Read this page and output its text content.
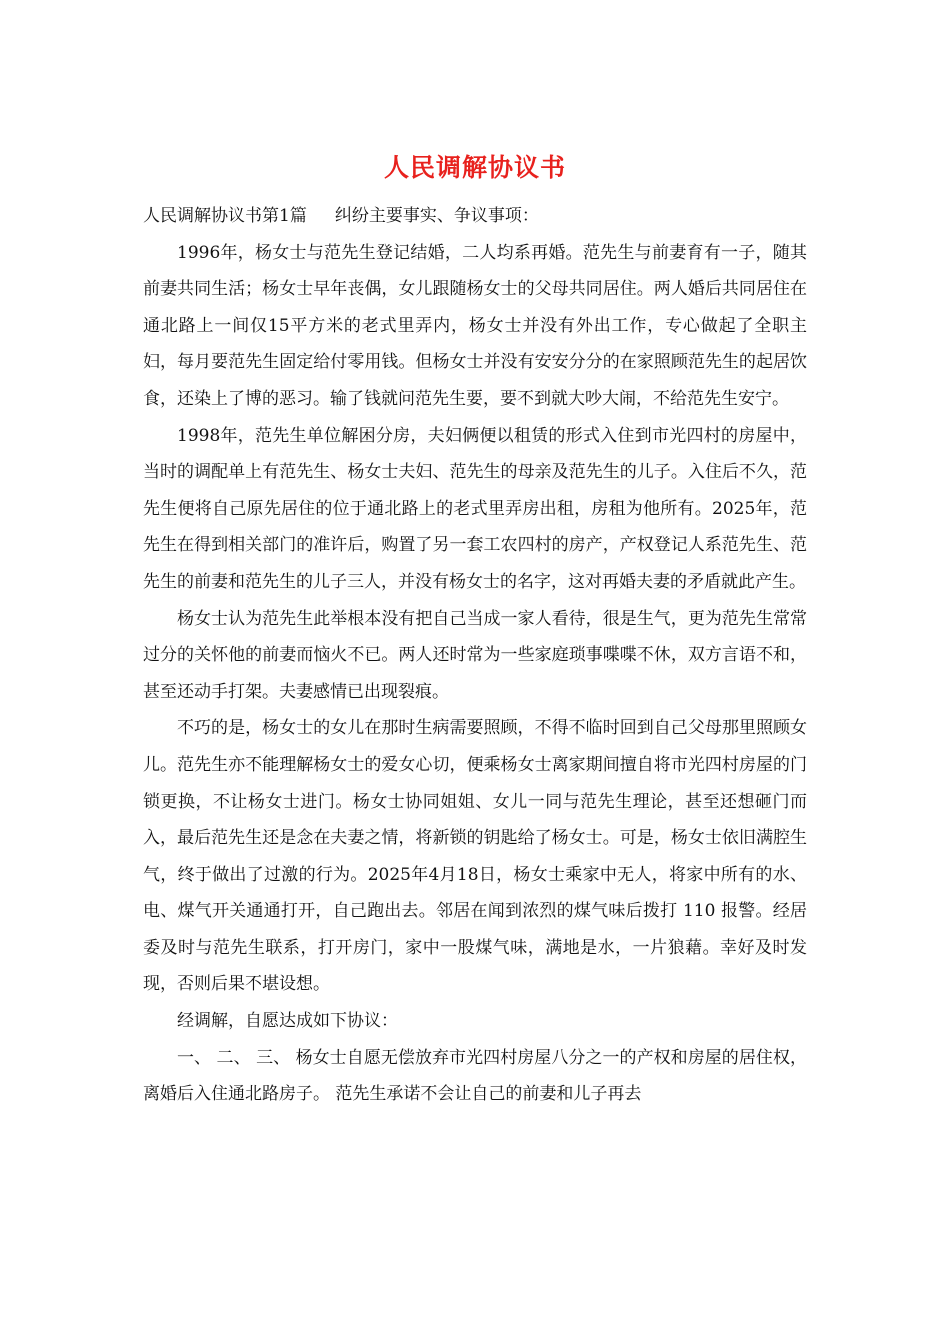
人民调解协议书

人民调解协议书第1篇 纠纷主要事实、争议事项：

1996年，杨女士与范先生登记结婚，二人均系再婚。范先生与前妻育有一子，随其前妻共同生活；杨女士早年丧偶，女儿跟随杨女士的父母共同居住。两人婚后共同居住在通北路上一间仅15平方米的老式里弄内，杨女士并没有外出工作，专心做起了全职主妇，每月要范先生固定给付零用钱。但杨女士并没有安安分分的在家照顾范先生的起居饮食，还染上了博的恶习。输了钱就问范先生要，要不到就大吵大闹，不给范先生安宁。

1998年，范先生单位解困分房，夫妇俩便以租赁的形式入住到市光四村的房屋中，当时的调配单上有范先生、杨女士夫妇、范先生的母亲及范先生的儿子。入住后不久，范先生便将自己原先居住的位于通北路上的老式里弄房出租，房租为他所有。2025年，范先生在得到相关部门的准许后，购置了另一套工农四村的房产，产权登记人系范先生、范先生的前妻和范先生的儿子三人，并没有杨女士的名字，这对再婚夫妻的矛盾就此产生。

杨女士认为范先生此举根本没有把自己当成一家人看待，很是生气，更为范先生常常过分的关怀他的前妻而恼火不已。两人还时常为一些家庭琐事喋喋不休，双方言语不和，甚至还动手打架。夫妻感情已出现裂痕。

不巧的是，杨女士的女儿在那时生病需要照顾，不得不临时回到自己父母那里照顾女儿。范先生亦不能理解杨女士的爱女心切，便乘杨女士离家期间擅自将市光四村房屋的门锁更换，不让杨女士进门。杨女士协同姐姐、女儿一同与范先生理论，甚至还想砸门而入，最后范先生还是念在夫妻之情，将新锁的钥匙给了杨女士。可是，杨女士依旧满腔生气，终于做出了过激的行为。2025年4月18日，杨女士乘家中无人，将家中所有的水、电、煤气开关通通打开，自己跑出去。邻居在闻到浓烈的煤气味后拨打 110 报警。经居委及时与范先生联系，打开房门，家中一股煤气味，满地是水，一片狼藉。幸好及时发现，否则后果不堪设想。

经调解，自愿达成如下协议：

一、 二、 三、 杨女士自愿无偿放弃市光四村房屋八分之一的产权和房屋的居住权，离婚后入住通北路房子。 范先生承诺不会让自己的前妻和儿子再去
